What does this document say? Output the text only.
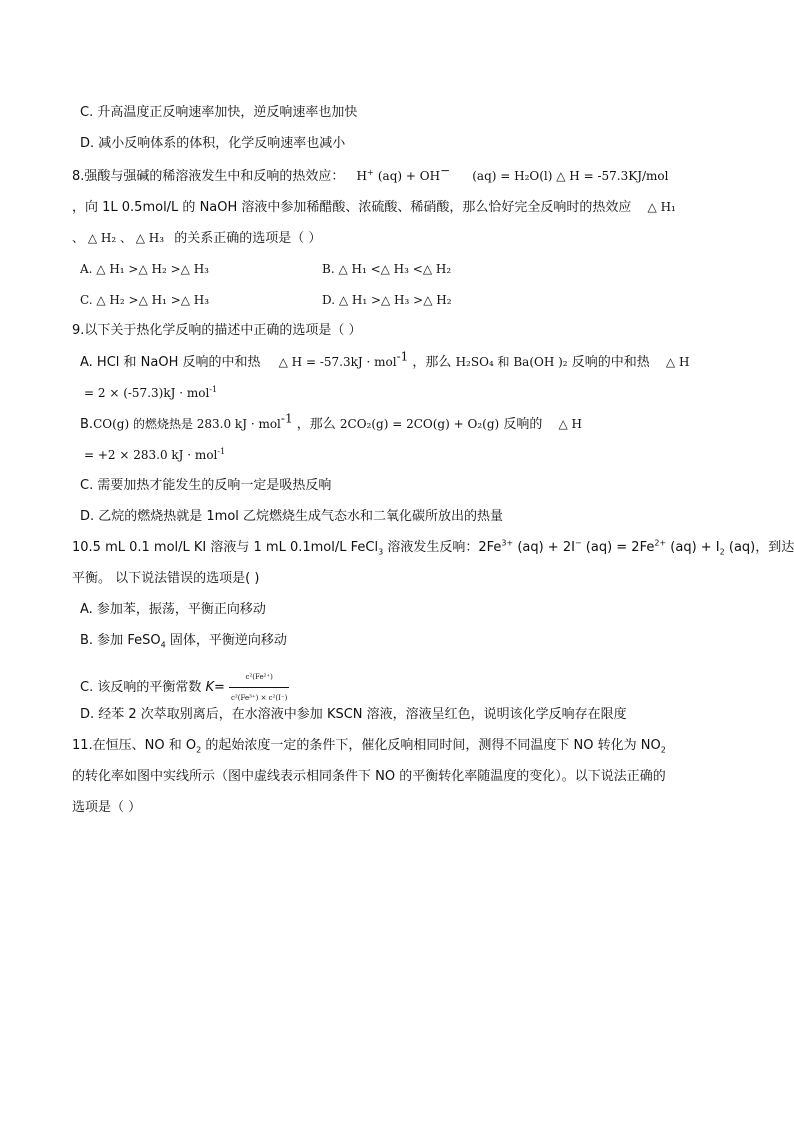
C. 升高温度正反响速率加快，逆反响速率也加快
D. 减小反响体系的体积，化学反响速率也减小
8.强酸与强碱的稀溶液发生中和反响的热效应： H+ (aq) + OH− (aq) = H₂O(l) △ H = -57.3KJ/mol
，向 1L 0.5mol/L 的 NaOH 溶液中参加稀醋酸、浓硫酸、稀硝酸，那么恰好完全反响时的热效应 △ H₁
、 △ H₂ 、 △ H₃ 的关系正确的选项是（ ）
A. △ H₁ >△ H₂ >△ H₃	B. △ H₁ <△ H₃ <△ H₂
C. △ H₂ >△ H₁ >△ H₃	D. △ H₁ >△ H₃ >△ H₂
9.以下关于热化学反响的描述中正确的选项是（ ）
A. HCl 和 NaOH 反响的中和热 △ H = -57.3kJ · mol$^{-1}$ ，那么 H₂SO₄ 和 Ba(OH )₂ 反响的中和热 △ H
= 2 × (-57.3)kJ · mol$^{-1}$
B.CO(g) 的燃烧热是 283.0 kJ · mol$^{-1}$ ，那么 2CO₂(g) = 2CO(g) + O₂(g) 反响的 △ H
= +2 × 283.0 kJ · mol$^{-1}$
C. 需要加热才能发生的反响一定是吸热反响
D. 乙烷的燃烧热就是 1mol 乙烷燃烧生成气态水和二氧化碳所放出的热量
10.5 mL 0.1 mol/L KI 溶液与 1 mL 0.1mol/L FeCl$_3$ 溶液发生反响：$2Fe^{3+}$ (aq) + 2I− $(aq) = 2Fe^{2+}$ $(aq) + I_2$ (aq)，到达
平衡。 以下说法错误的选项是( )
A. 参加苯，振荡，平衡正向移动
B. 参加 FeSO$_4$ 固体，平衡逆向移动
C. 该反响的平衡常数 $K= \frac{\text{c²(Fe²⁺)}}{\text{c²(Fe³⁺) × c²(I⁻)}}$
D. 经苯 2 次萃取别离后，在水溶液中参加 KSCN 溶液，溶液呈红色，说明该化学反响存在限度
11.在恒压、NO 和 $O_2$ 的起始浓度一定的条件下，催化反响相同时间，测得不同温度下 NO 转化为 $NO_2$
的转化率如图中实线所示（图中虚线表示相同条件下 NO 的平衡转化率随温度的变化）。以下说法正确的
选项是（ ）
